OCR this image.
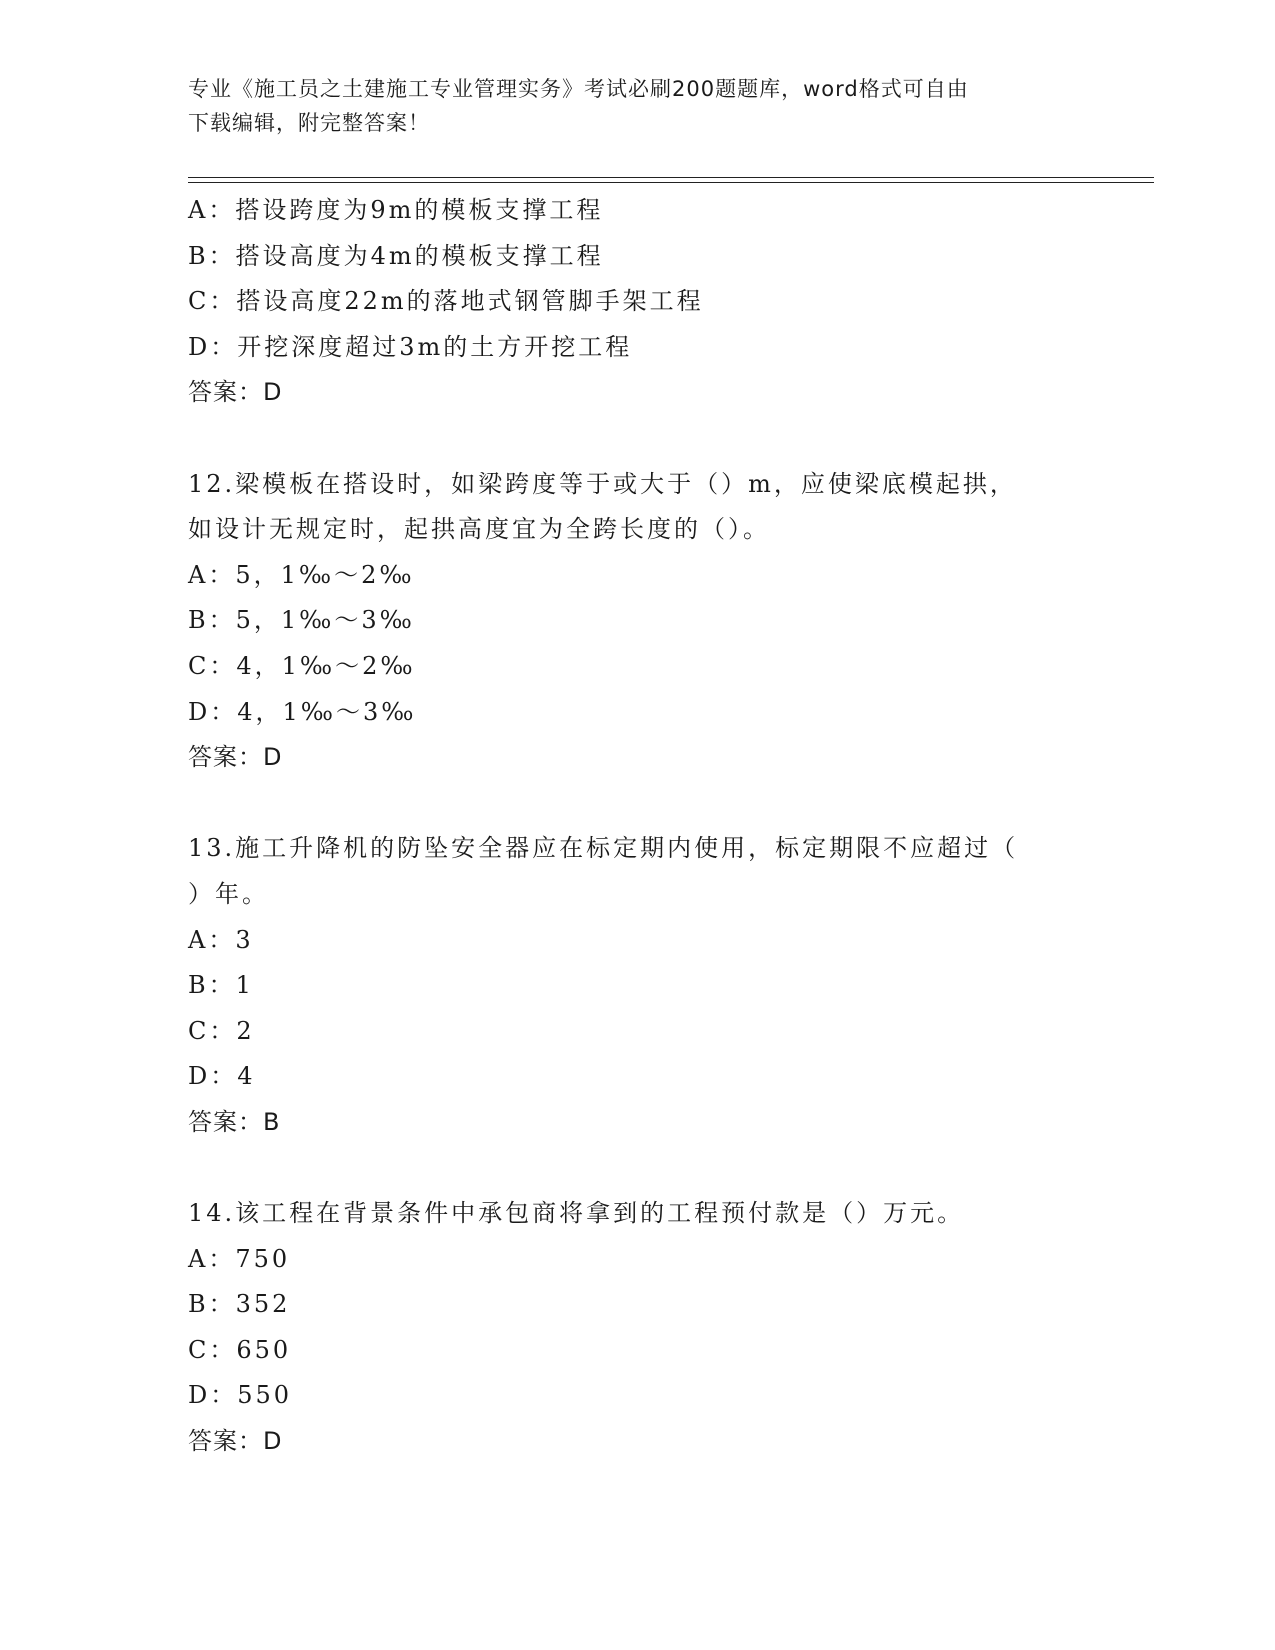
专业《施工员之土建施工专业管理实务》考试必刷200题题库，word格式可自由
下载编辑，附完整答案！
A：搭设跨度为9m的模板支撑工程
B：搭设高度为4m的模板支撑工程
C：搭设高度22m的落地式钢管脚手架工程
D：开挖深度超过3m的土方开挖工程
答案：D
12.梁模板在搭设时，如梁跨度等于或大于（）m，应使梁底模起拱，
如设计无规定时，起拱高度宜为全跨长度的（）。
A：5，1‰～2‰
B：5，1‰～3‰
C：4，1‰～2‰
D：4，1‰～3‰
答案：D
13.施工升降机的防坠安全器应在标定期内使用，标定期限不应超过（
）年。
A：3
B：1
C：2
D：4
答案：B
14.该工程在背景条件中承包商将拿到的工程预付款是（）万元。
A：750
B：352
C：650
D：550
答案：D
